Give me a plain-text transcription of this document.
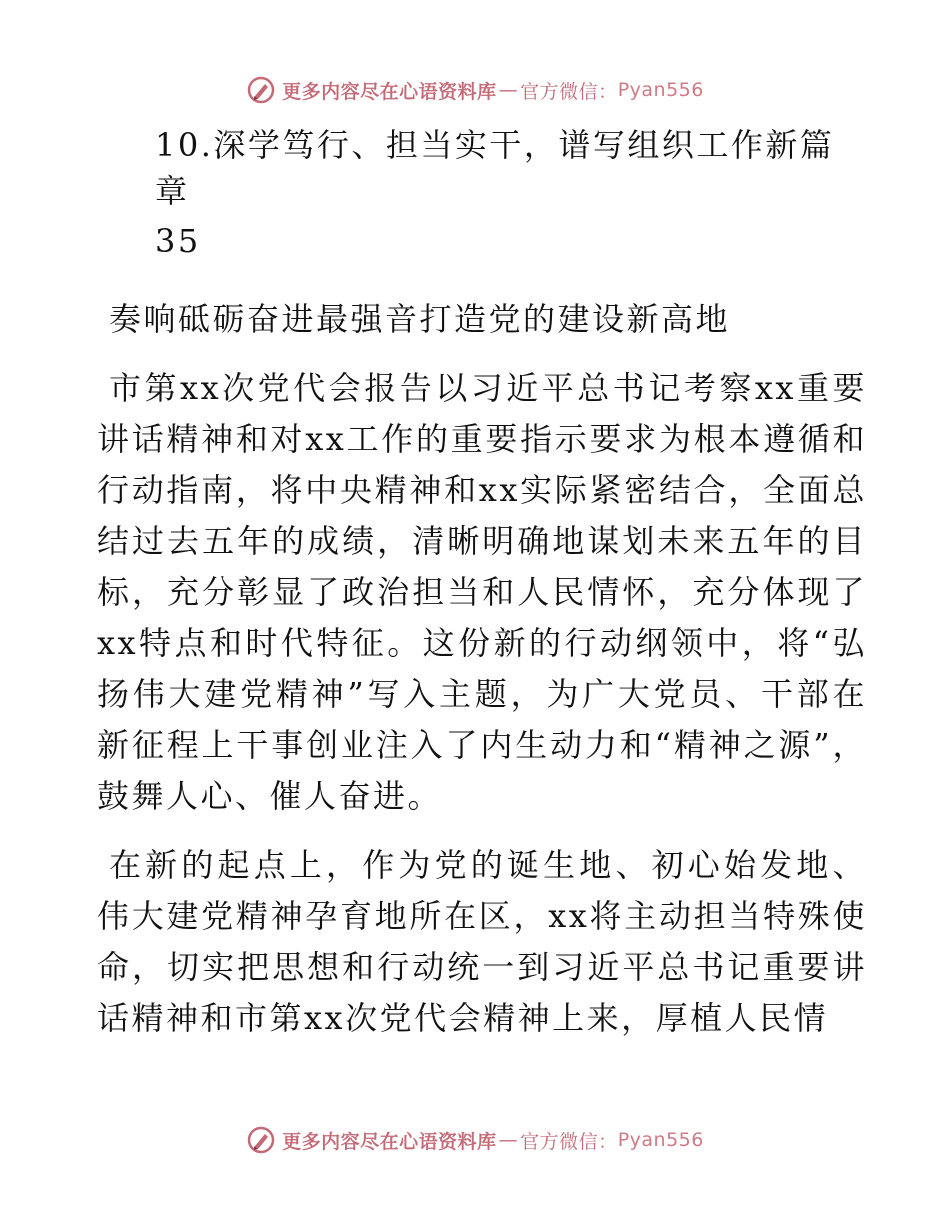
更多内容尽在心语资料库 — 官方微信： Pyan556

10.深学笃行、担当实干，谱写组织工作新篇章

35

奏响砥砺奋进最强音打造党的建设新高地

市第xx次党代会报告以习近平总书记考察xx重要讲话精神和对xx工作的重要指示要求为根本遵循和行动指南，将中央精神和xx实际紧密结合，全面总结过去五年的成绩，清晰明确地谋划未来五年的目标，充分彰显了政治担当和人民情怀，充分体现了xx特点和时代特征。这份新的行动纲领中，将“弘扬伟大建党精神”写入主题，为广大党员、干部在新征程上干事创业注入了内生动力和“精神之源”，鼓舞人心、催人奋进。

在新的起点上，作为党的诞生地、初心始发地、伟大建党精神孕育地所在区，xx将主动担当特殊使命，切实把思想和行动统一到习近平总书记重要讲话精神和市第xx次党代会精神上来，厚植人民情

更多内容尽在心语资料库 — 官方微信： Pyan556
